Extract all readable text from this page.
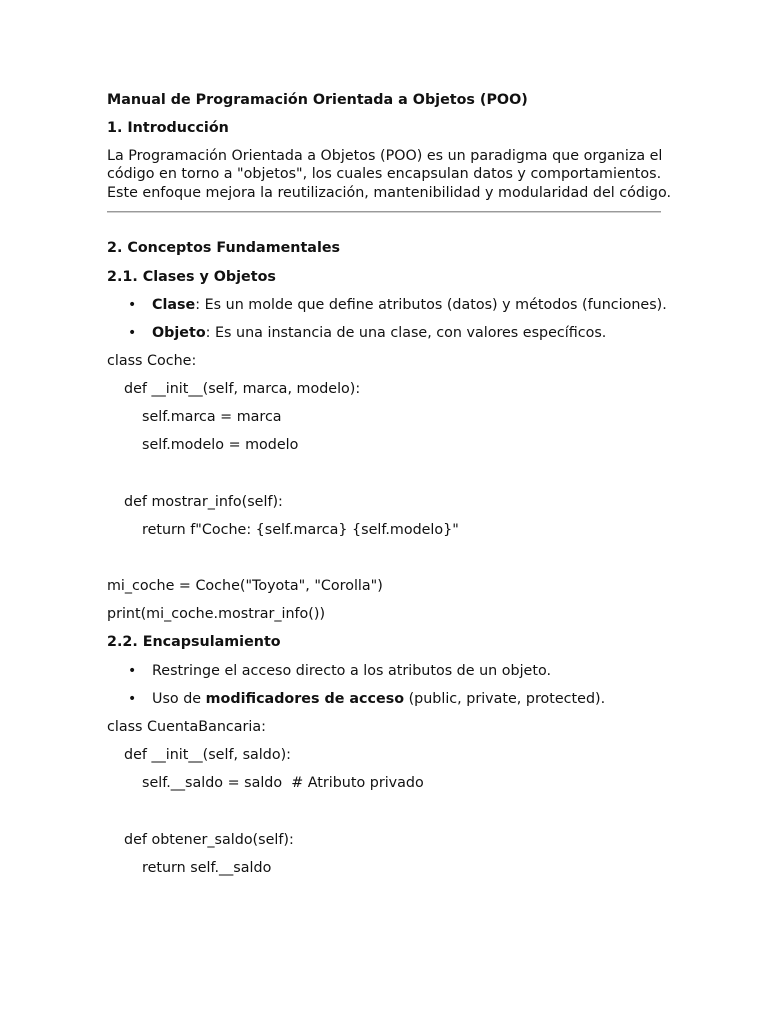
Manual de Programación Orientada a Objetos (POO)

1. Introducción

La Programación Orientada a Objetos (POO) es un paradigma que organiza el
código en torno a "objetos", los cuales encapsulan datos y comportamientos.
Este enfoque mejora la reutilización, mantenibilidad y modularidad del código.

2. Conceptos Fundamentales

2.1. Clases y Objetos

• Clase: Es un molde que define atributos (datos) y métodos (funciones).
• Objeto: Es una instancia de una clase, con valores específicos.

class Coche:

def __init__(self, marca, modelo):

self.marca = marca

self.modelo = modelo

def mostrar_info(self):

return f"Coche: {self.marca} {self.modelo}"

mi_coche = Coche("Toyota", "Corolla")

print(mi_coche.mostrar_info())

2.2. Encapsulamiento

• Restringe el acceso directo a los atributos de un objeto.
• Uso de modificadores de acceso (public, private, protected).

class CuentaBancaria:

def __init__(self, saldo):

self.__saldo = saldo  # Atributo privado

def obtener_saldo(self):

return self.__saldo
